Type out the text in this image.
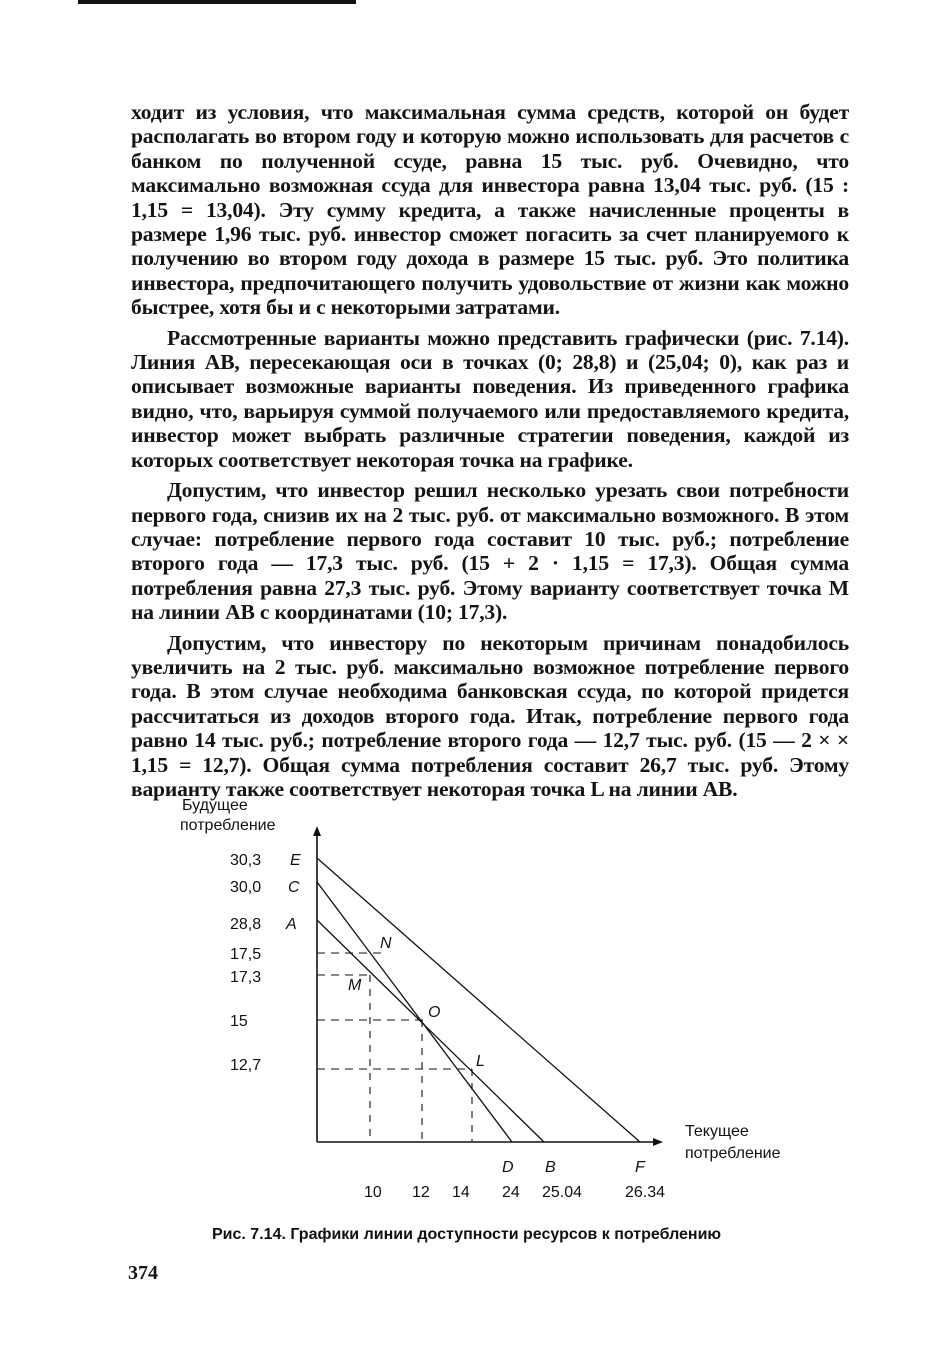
ходит из условия, что максимальная сумма средств, которой он будет располагать во втором году и которую можно использовать для расчетов с банком по полученной ссуде, равна 15 тыс. руб. Очевидно, что максимально возможная ссуда для инвестора равна 13,04 тыс. руб. (15 : 1,15 = 13,04). Эту сумму кредита, а также начисленные проценты в размере 1,96 тыс. руб. инвестор сможет погасить за счет планируемого к получению во втором году дохода в размере 15 тыс. руб. Это политика инвестора, предпочитающего получить удовольствие от жизни как можно быстрее, хотя бы и с некоторыми затратами.

Рассмотренные варианты можно представить графически (рис. 7.14). Линия AB, пересекающая оси в точках (0; 28,8) и (25,04; 0), как раз и описывает возможные варианты поведения. Из приведенного графика видно, что, варьируя суммой получаемого или предоставляемого кредита, инвестор может выбрать различные стратегии поведения, каждой из которых соответствует некоторая точка на графике.

Допустим, что инвестор решил несколько урезать свои потребности первого года, снизив их на 2 тыс. руб. от максимально возможного. В этом случае: потребление первого года составит 10 тыс. руб.; потребление второго года — 17,3 тыс. руб. (15 + 2 · 1,15 = 17,3). Общая сумма потребления равна 27,3 тыс. руб. Этому варианту соответствует точка M на линии AB с координатами (10; 17,3).

Допустим, что инвестору по некоторым причинам понадобилось увеличить на 2 тыс. руб. максимально возможное потребление первого года. В этом случае необходима банковская ссуда, по которой придется рассчитаться из доходов второго года. Итак, потребление первого года равно 14 тыс. руб.; потребление второго года — 12,7 тыс. руб. (15 — 2 × × 1,15 = 12,7). Общая сумма потребления составит 26,7 тыс. руб. Этому варианту также соответствует некоторая точка L на линии AB.

Будущее
потребление
Текущее
потребление
30,3 E
30,0 C
28,8 A
17,5
17,3
15
12,7
N
M
O
L
D B	F
10 12 14 24 25.04	26.34
Рис. 7.14. Графики линии доступности ресурсов к потреблению
374
